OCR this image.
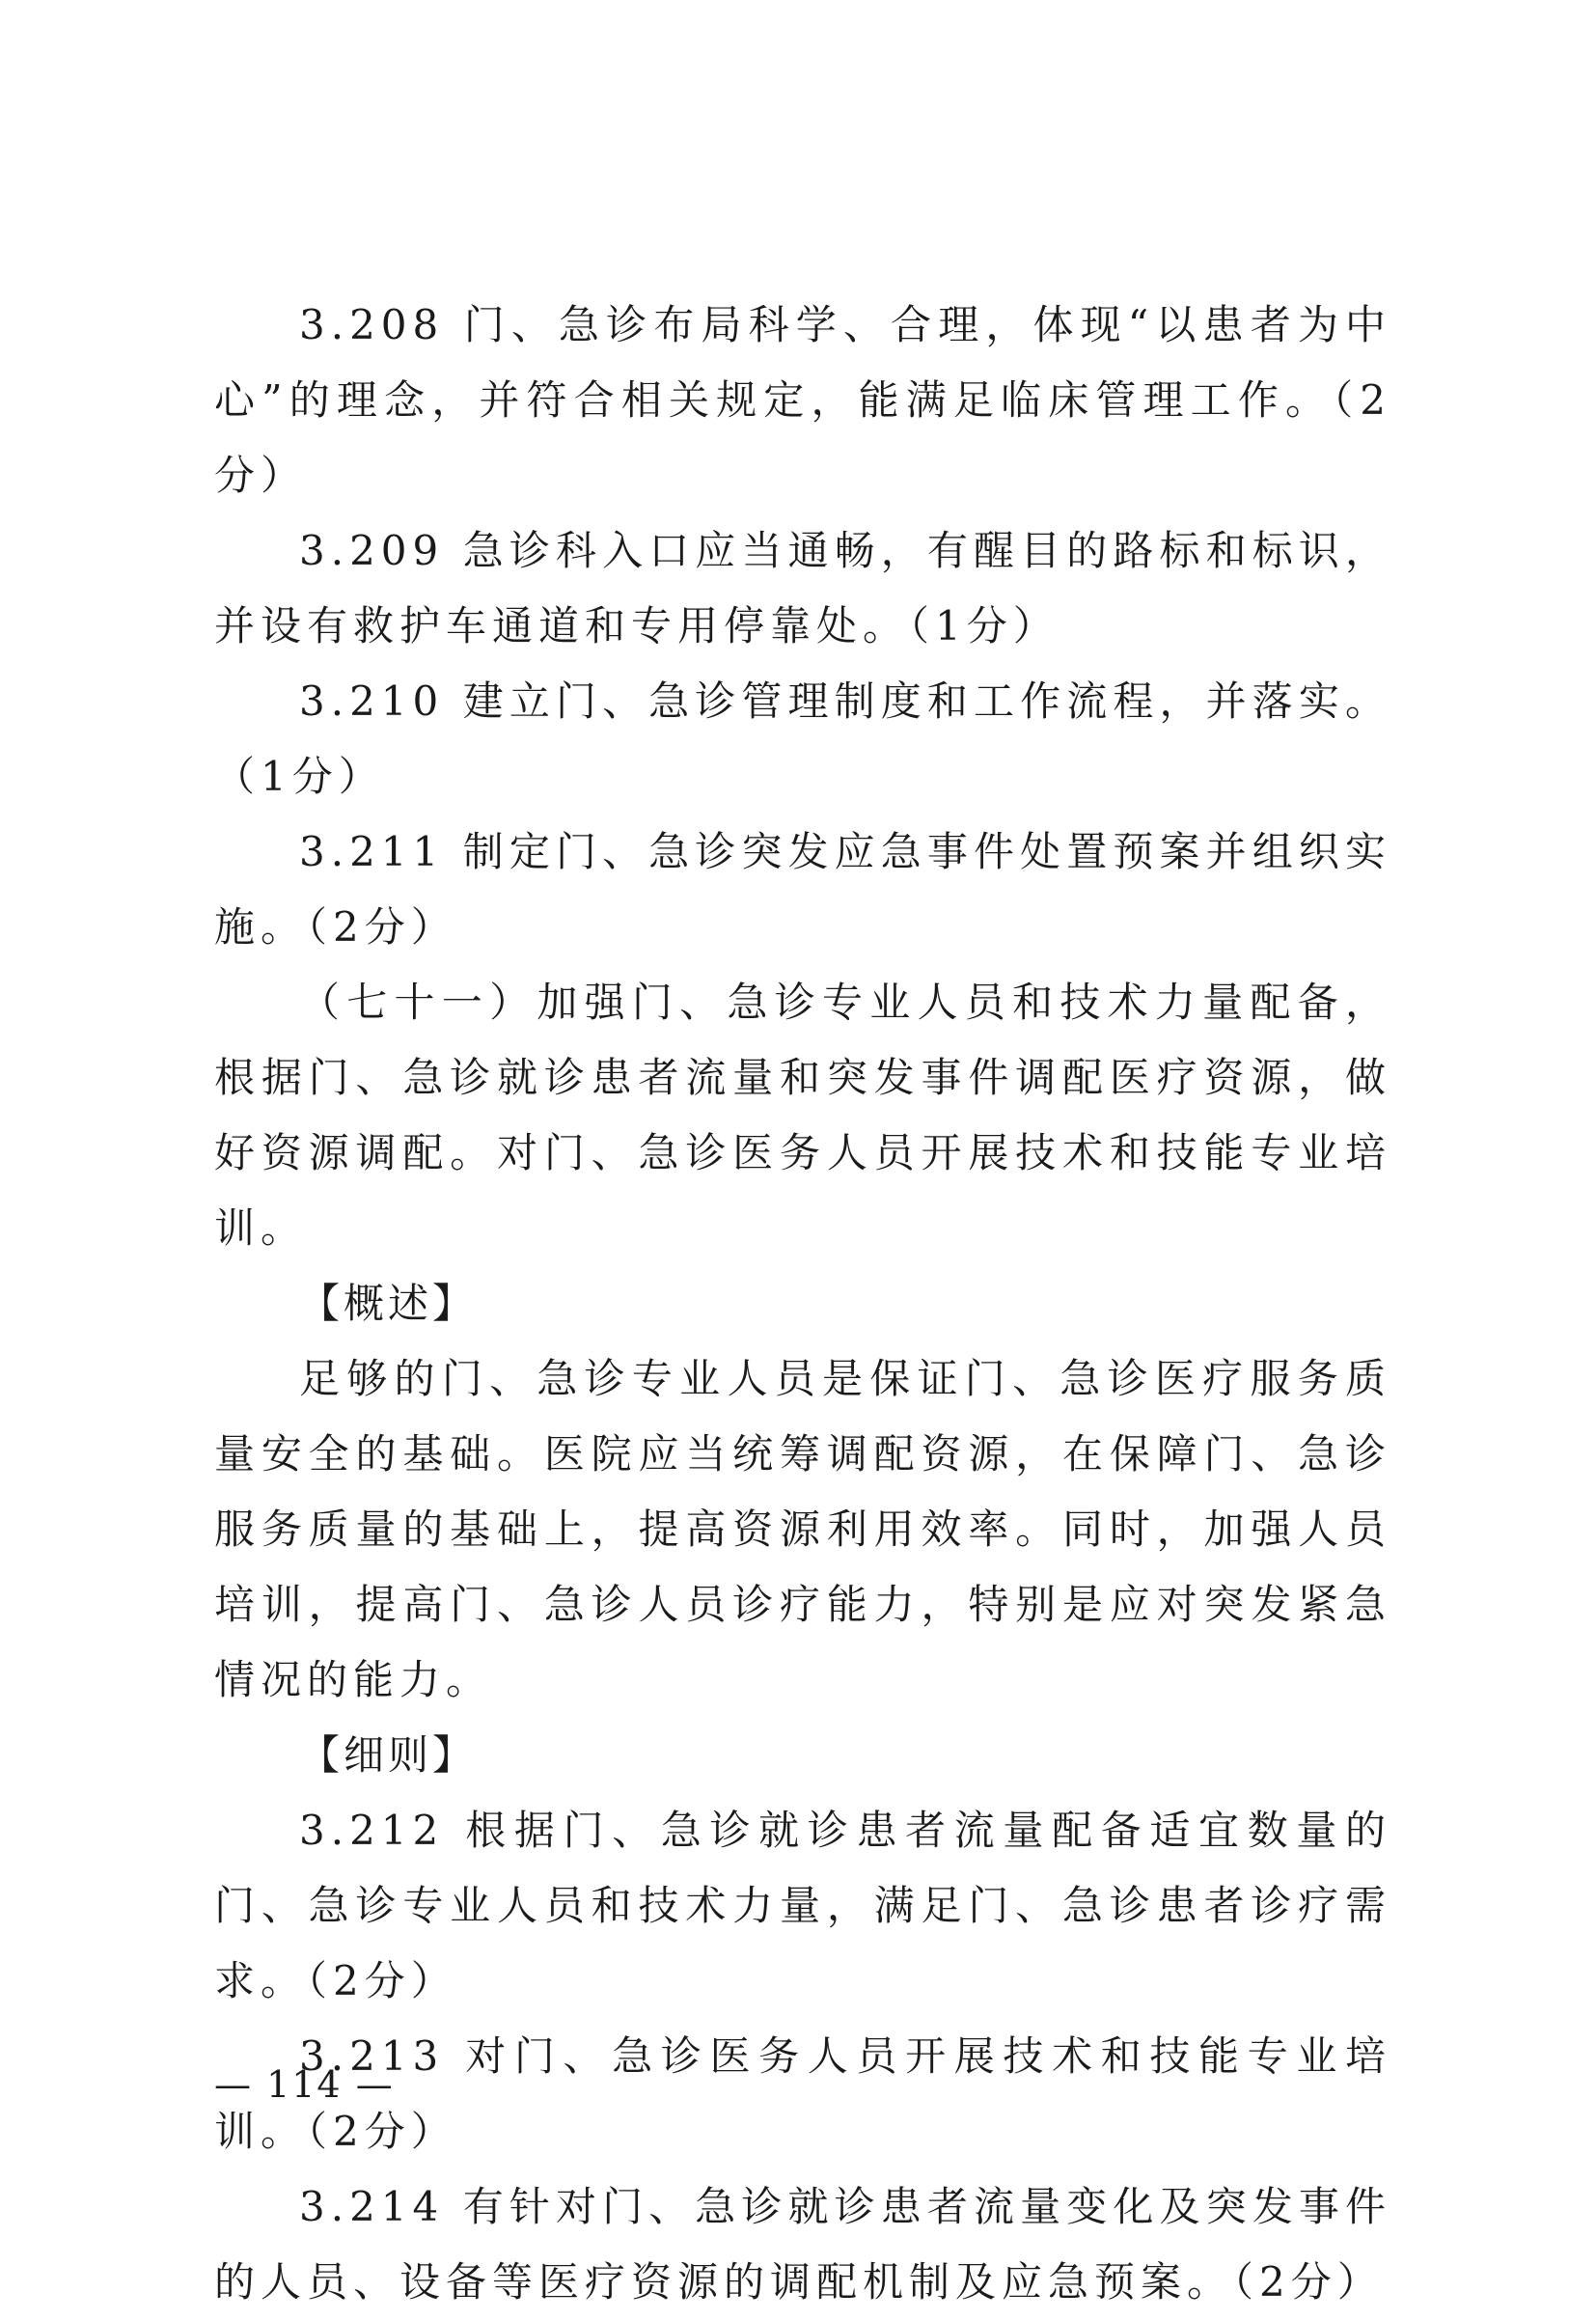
3.208 门、急诊布局科学、合理，体现“以患者为中心”的理念，并符合相关规定，能满足临床管理工作。（2分）

3.209 急诊科入口应当通畅，有醒目的路标和标识，并设有救护车通道和专用停靠处。（1分）

3.210 建立门、急诊管理制度和工作流程，并落实。（1分）

3.211 制定门、急诊突发应急事件处置预案并组织实施。（2分）

（七十一）加强门、急诊专业人员和技术力量配备，根据门、急诊就诊患者流量和突发事件调配医疗资源，做好资源调配。对门、急诊医务人员开展技术和技能专业培训。

【概述】

足够的门、急诊专业人员是保证门、急诊医疗服务质量安全的基础。医院应当统筹调配资源，在保障门、急诊服务质量的基础上，提高资源利用效率。同时，加强人员培训，提高门、急诊人员诊疗能力，特别是应对突发紧急情况的能力。

【细则】

3.212 根据门、急诊就诊患者流量配备适宜数量的门、急诊专业人员和技术力量，满足门、急诊患者诊疗需求。（2分）

3.213 对门、急诊医务人员开展技术和技能专业培训。（2分）

3.214 有针对门、急诊就诊患者流量变化及突发事件的人员、设备等医疗资源的调配机制及应急预案。（2分）

— 114 —
